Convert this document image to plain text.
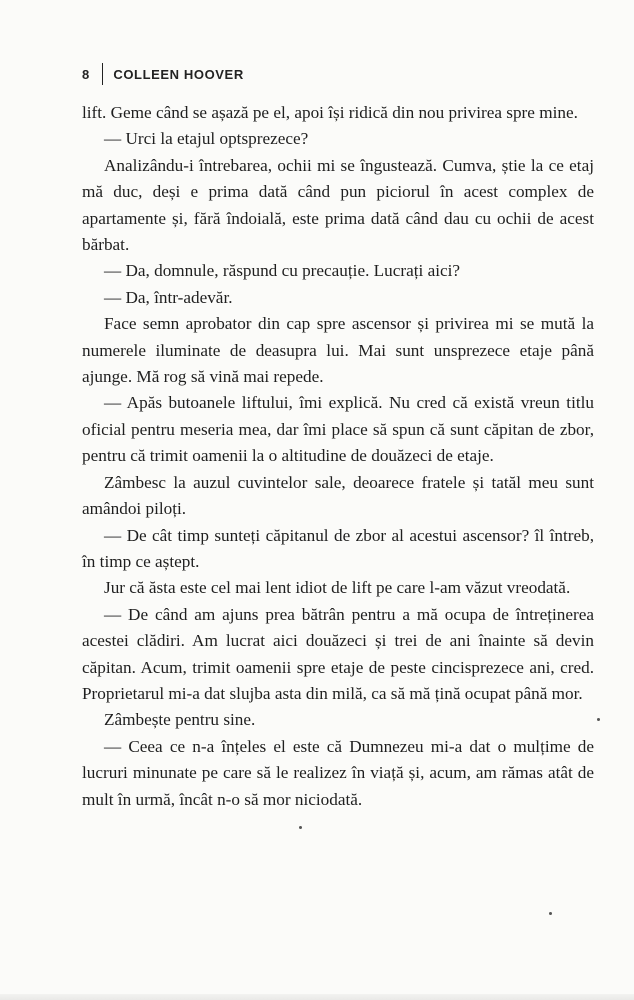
8 COLLEEN HOOVER

lift. Geme când se așază pe el, apoi își ridică din nou privirea spre mine.

— Urci la etajul optsprezece?

Analizându-i întrebarea, ochii mi se îngustează. Cumva, știe la ce etaj mă duc, deși e prima dată când pun piciorul în acest complex de apartamente și, fără îndoială, este prima dată când dau cu ochii de acest bărbat.

— Da, domnule, răspund cu precauție. Lucrați aici?

— Da, într-adevăr.

Face semn aprobator din cap spre ascensor și privirea mi se mută la numerele iluminate de deasupra lui. Mai sunt unsprezece etaje până ajunge. Mă rog să vină mai repede.

— Apăs butoanele liftului, îmi explică. Nu cred că există vreun titlu oficial pentru meseria mea, dar îmi place să spun că sunt căpitan de zbor, pentru că trimit oamenii la o altitudine de douăzeci de etaje.

Zâmbesc la auzul cuvintelor sale, deoarece fratele și tatăl meu sunt amândoi piloți.

— De cât timp sunteți căpitanul de zbor al acestui ascensor? îl întreb, în timp ce aștept.

Jur că ăsta este cel mai lent idiot de lift pe care l-am văzut vreodată.

— De când am ajuns prea bătrân pentru a mă ocupa de întreținerea acestei clădiri. Am lucrat aici douăzeci și trei de ani înainte să devin căpitan. Acum, trimit oamenii spre etaje de peste cincisprezece ani, cred. Proprietarul mi-a dat slujba asta din milă, ca să mă țină ocupat până mor.

Zâmbește pentru sine.

— Ceea ce n-a înțeles el este că Dumnezeu mi-a dat o mulțime de lucruri minunate pe care să le realizez în viață și, acum, am rămas atât de mult în urmă, încât n-o să mor niciodată.
